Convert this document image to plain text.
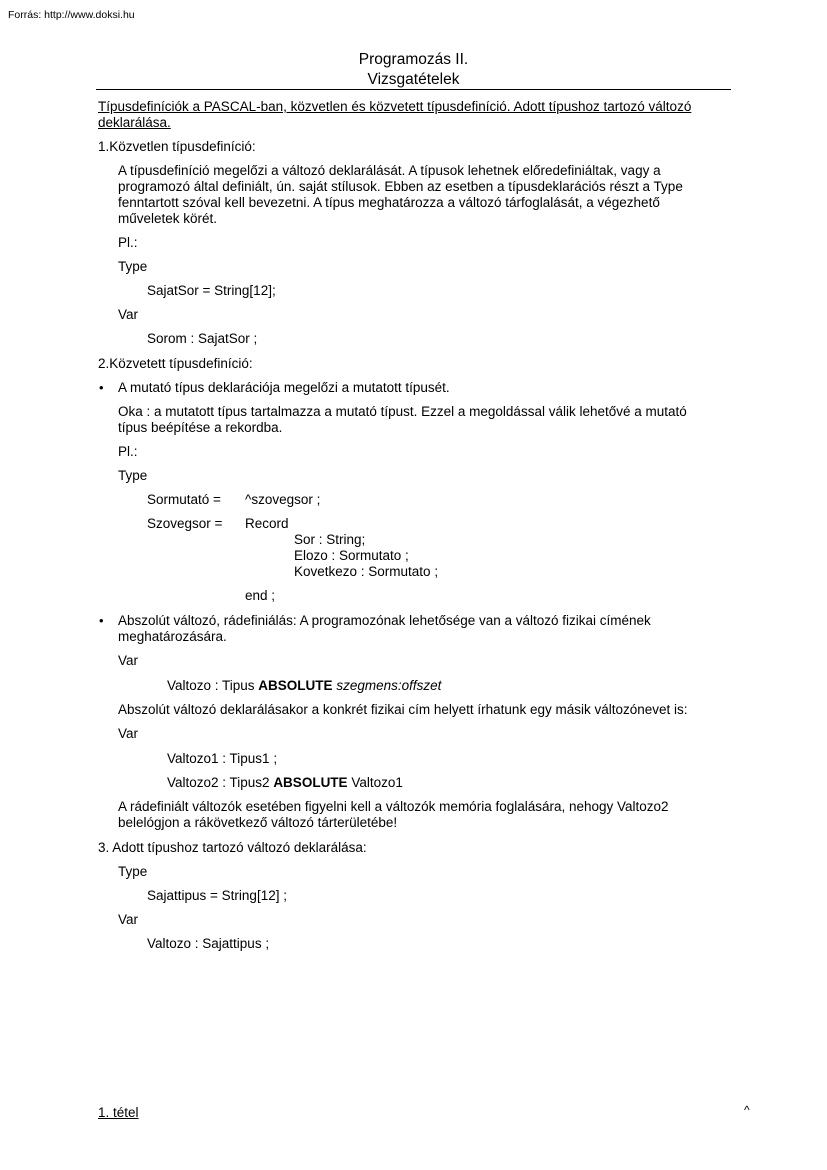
Forrás: http://www.doksi.hu
Programozás II.
Vizsgatételek
Típusdefiníciók a PASCAL-ban, közvetlen és közvetett típusdefiníció. Adott típushoz tartozó változó
deklarálása.
1.Közvetlen típusdefiníció:
A típusdefiníció megelőzi a változó deklarálását. A típusok lehetnek előredefiniáltak, vagy a
programozó által definiált, ún. saját stílusok. Ebben az esetben a típusdeklarációs részt a Type
fenntartott szóval kell bevezetni. A típus meghatározza a változó tárfoglalását, a végezhető
műveletek körét.
Pl.:
Type
SajatSor = String[12];
Var
Sorom : SajatSor ;
2.Közvetett típusdefiníció:
• A mutató típus deklarációja megelőzi a mutatott típusét.
Oka : a mutatott típus tartalmazza a mutató típust. Ezzel a megoldással válik lehetővé a mutató
típus beépítése a rekordba.
Pl.:
Type
Sormutató = ^szovegsor ;
Szovegsor = Record
Sor : String;
Elozo : Sormutato ;
Kovetkezo : Sormutato ;
end ;
• Abszolút változó, rádefiniálás: A programozónak lehetősége van a változó fizikai címének
meghatározására.
Var
Valtozo : Tipus ABSOLUTE szegmens:offszet
Abszolút változó deklarálásakor a konkrét fizikai cím helyett írhatunk egy másik változónevet is:
Var
Valtozo1 : Tipus1 ;
Valtozo2 : Tipus2 ABSOLUTE Valtozo1
A rádefiniált változók esetében figyelni kell a változók memória foglalására, nehogy Valtozo2
belelógjon a rákövetkező változó tárterületébe!
3. Adott típushoz tartozó változó deklarálása:
Type
Sajattipus = String[12] ;
Var
Valtozo : Sajattipus ;
1. tétel	^
